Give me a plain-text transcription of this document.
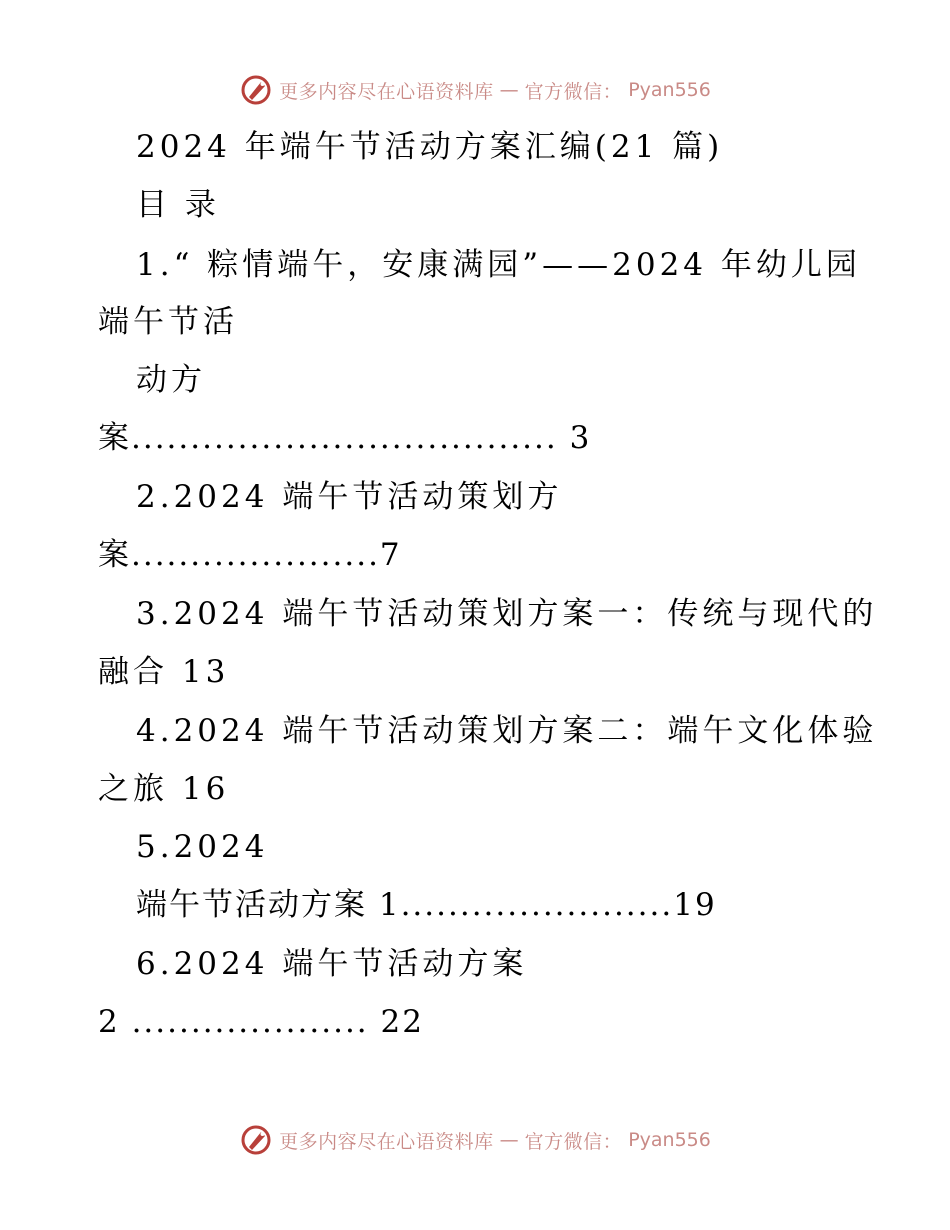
更多内容尽在心语资料库 — 官方微信： Pyan556
2024 年端午节活动方案汇编(21 篇)
目 录
1.“ 粽情端午，安康满园”——2024 年幼儿园
端午节活
动方
案.................................... 3
2.2024 端午节活动策划方
案.....................7
3.2024 端午节活动策划方案一：传统与现代的
融合 13
4.2024 端午节活动策划方案二：端午文化体验
之旅 16
5.2024
端午节活动方案 1.......................19
6.2024 端午节活动方案
2 .................... 22
更多内容尽在心语资料库 — 官方微信： Pyan556
